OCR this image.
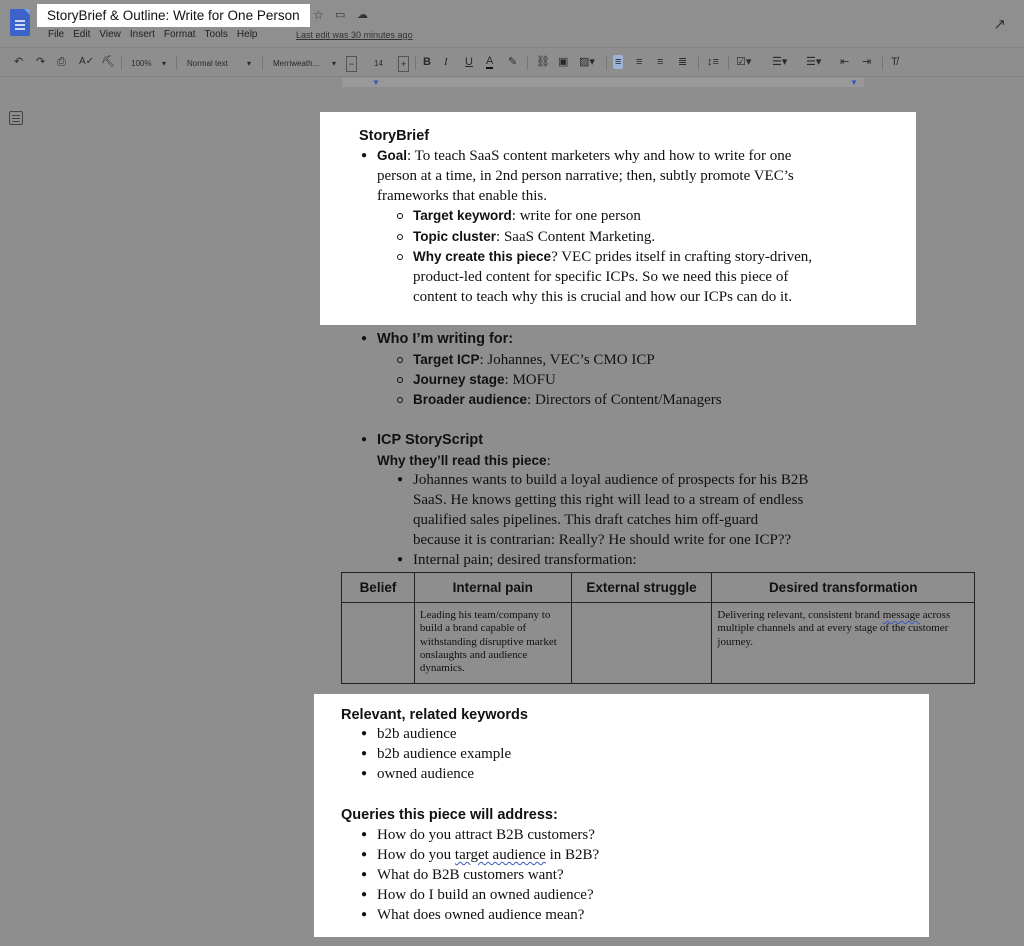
StoryBrief & Outline: Write for One Person	☆ ▭ ☁
File Edit View Insert Format Tools Help	Last edit was 30 minutes ago
↗
↶ ↷ ⎙ A✓ ⛏ 100% ▾	Normal text ▾	Merriweath... ▾	−	14	+ B I U A ✎ ⛓ ▣ ▨▾ ≡ ≡ ≡ ≣ ↕≡ ☑▾ ☰▾ ☰▾ ⇤ ⇥ T̸
▼	▼
StoryBrief
● Goal: To teach SaaS content marketers why and how to write for one
person at a time, in 2nd person narrative; then, subtly promote VEC’s
frameworks that enable this.
Target keyword: write for one person
Topic cluster: SaaS Content Marketing.
Why create this piece? VEC prides itself in crafting story-driven,
product-led content for specific ICPs. So we need this piece of
content to teach why this is crucial and how our ICPs can do it.
● Who I’m writing for:
Target ICP: Johannes, VEC’s CMO ICP
Journey stage: MOFU
Broader audience: Directors of Content/Managers
● ICP StoryScript
Why they’ll read this piece:
● Johannes wants to build a loyal audience of prospects for his B2B
SaaS. He knows getting this right will lead to a stream of endless
qualified sales pipelines. This draft catches him off-guard
because it is contrarian: Really? He should write for one ICP??
● Internal pain; desired transformation:
Belief	Internal pain	External struggle	Desired transformation
	Leading his team/company to build a brand capable of withstanding disruptive market onslaughts and audience dynamics.		Delivering relevant, consistent brand message across multiple channels and at every stage of the customer journey.
Relevant, related keywords
● b2b audience
● b2b audience example
● owned audience
Queries this piece will address:
● How do you attract B2B customers?
● How do you target audience in B2B?
● What do B2B customers want?
● How do I build an owned audience?
● What does owned audience mean?
